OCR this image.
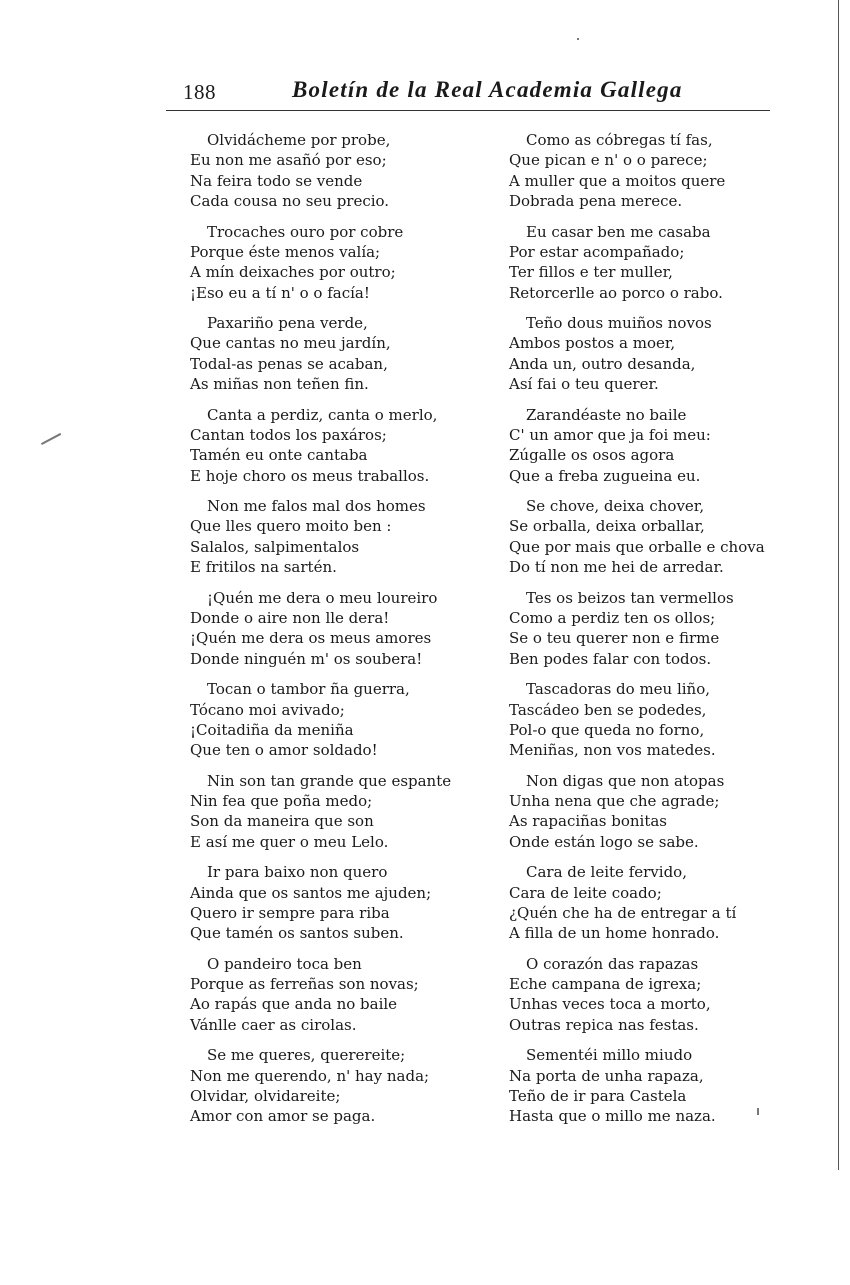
188	Boletín de la Real Academia Gallega
Olvidácheme por probe,
Eu non me asañó por eso;
Na feira todo se vende
Cada cousa no seu precio.
Trocaches ouro por cobre
Porque éste menos valía;
A mín deixaches por outro;
¡Eso eu a tí n' o o facía!
Paxariño pena verde,
Que cantas no meu jardín,
Todal-as penas se acaban,
As miñas non teñen fin.
Canta a perdiz, canta o merlo,
Cantan todos los paxáros;
Tamén eu onte cantaba
E hoje choro os meus traballos.
Non me falos mal dos homes
Que lles quero moito ben :
Salalos, salpimentalos
E fritilos na sartén.
¡Quén me dera o meu loureiro
Donde o aire non lle dera!
¡Quén me dera os meus amores
Donde ninguén m' os soubera!
Tocan o tambor ña guerra,
Tócano moi avivado;
¡Coitadiña da meniña
Que ten o amor soldado!
Nin son tan grande que espante
Nin fea que poña medo;
Son da maneira que son
E así me quer o meu Lelo.
Ir para baixo non quero
Ainda que os santos me ajuden;
Quero ir sempre para riba
Que tamén os santos suben.
O pandeiro toca ben
Porque as ferreñas son novas;
Ao rapás que anda no baile
Vánlle caer as cirolas.
Se me queres, querereite;
Non me querendo, n' hay nada;
Olvidar, olvidareite;
Amor con amor se paga.
Como as cóbregas tí fas,
Que pican e n' o o parece;
A muller que a moitos quere
Dobrada pena merece.
Eu casar ben me casaba
Por estar acompañado;
Ter fillos e ter muller,
Retorcerlle ao porco o rabo.
Teño dous muiños novos
Ambos postos a moer,
Anda un, outro desanda,
Así fai o teu querer.
Zarandéaste no baile
C' un amor que ja foi meu:
Zúgalle os osos agora
Que a freba zugueina eu.
Se chove, deixa chover,
Se orballa, deixa orballar,
Que por mais que orballe e chova
Do tí non me hei de arredar.
Tes os beizos tan vermellos
Como a perdiz ten os ollos;
Se o teu querer non e firme
Ben podes falar con todos.
Tascadoras do meu liño,
Tascádeo ben se podedes,
Pol-o que queda no forno,
Meniñas, non vos matedes.
Non digas que non atopas
Unha nena que che agrade;
As rapaciñas bonitas
Onde están logo se sabe.
Cara de leite fervido,
Cara de leite coado;
¿Quén che ha de entregar a tí
A filla de un home honrado.
O corazón das rapazas
Eche campana de igrexa;
Unhas veces toca a morto,
Outras repica nas festas.
Sementéi millo miudo
Na porta de unha rapaza,
Teño de ir para Castela
Hasta que o millo me naza.
